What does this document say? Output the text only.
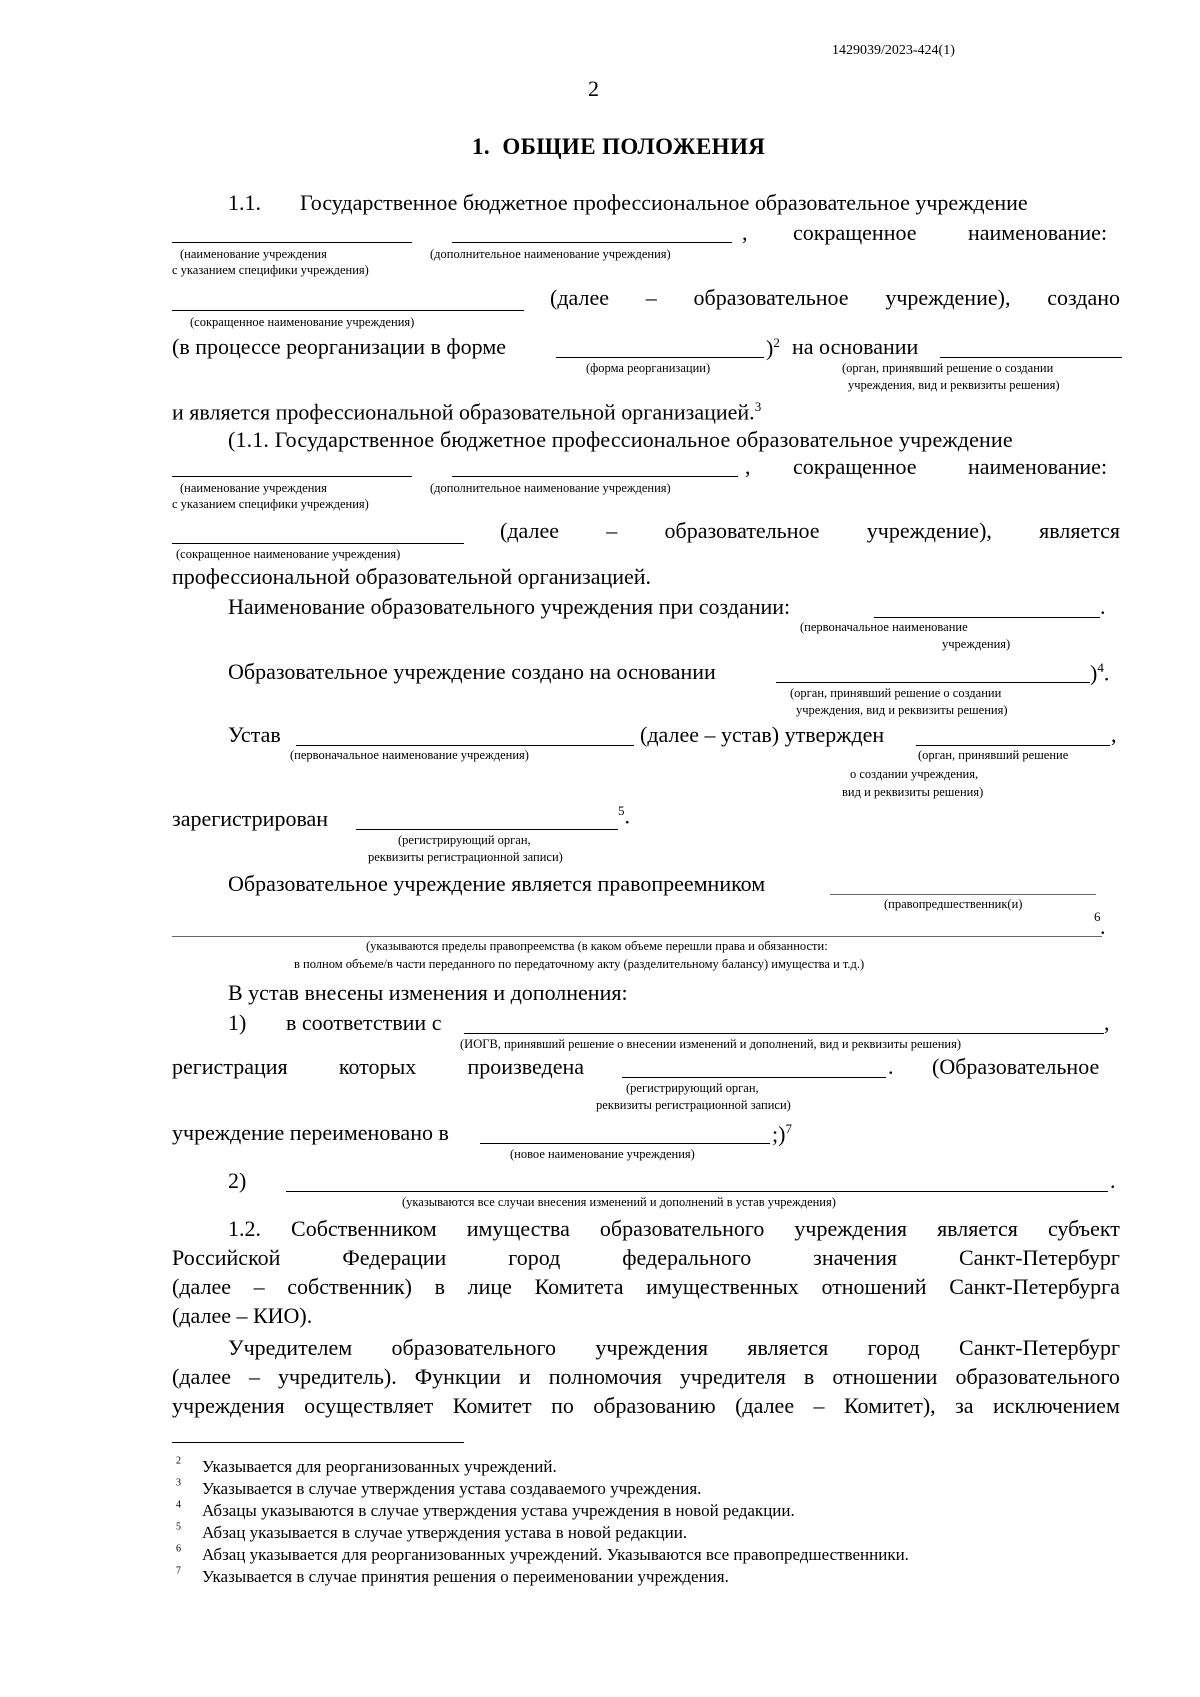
1429039/2023-424(1)
2
1. ОБЩИЕ ПОЛОЖЕНИЯ
1.1. Государственное бюджетное профессиональное образовательное учреждение
, сокращенное наименование:
(наименование учреждения	(дополнительное наименование учреждения)
с указанием специфики учреждения)
(далее – образовательное учреждение), создано
(сокращенное наименование учреждения)
(в процессе реорганизации в форме	)$^2$ на основании
(форма реорганизации)	(орган, принявший решение о создании
учреждения, вид и реквизиты решения)
и является профессиональной образовательной организацией.$^3$
(1.1. Государственное бюджетное профессиональное образовательное учреждение
, сокращенное наименование:
(наименование учреждения	(дополнительное наименование учреждения)
с указанием специфики учреждения)
(далее – образовательное учреждение), является
(сокращенное наименование учреждения)
профессиональной образовательной организацией.
Наименование образовательного учреждения при создании:	.
(первоначальное наименование
учреждения)
Образовательное учреждение создано на основании	)$^4$.
(орган, принявший решение о создании
учреждения, вид и реквизиты решения)
Устав	(далее – устав) утвержден	,
(первоначальное наименование учреждения)	(орган, принявший решение
о создании учреждения,
вид и реквизиты решения)
зарегистрирован	$^5$.
(регистрирующий орган,
реквизиты регистрационной записи)
Образовательное учреждение является правопреемником
(правопредшественник(и)
$^6$ .
(указываются пределы правопреемства (в каком объеме перешли права и обязанности:
в полном объеме/в части переданного по передаточному акту (разделительному балансу) имущества и т.д.)
В устав внесены изменения и дополнения:
1) в соответствии с	,
(ИОГВ, принявший решение о внесении изменений и дополнений, вид и реквизиты решения)
регистрация которых произведена	. (Образовательное
(регистрирующий орган,
реквизиты регистрационной записи)
учреждение переименовано в	;)$^7$
(новое наименование учреждения)
2)	.
(указываются все случаи внесения изменений и дополнений в устав учреждения)
1.2. Собственником имущества образовательного учреждения является субъект
Российской	Федерации	город	федерального	значения	Санкт-Петербург
(далее – собственник) в лице Комитета имущественных отношений Санкт-Петербурга
(далее – КИО).
Учредителем образовательного учреждения является город Санкт-Петербург
(далее – учредитель). Функции и полномочия учредителя в отношении образовательного
учреждения осуществляет Комитет по образованию (далее – Комитет), за исключением
$^2$ Указывается для реорганизованных учреждений.
$^3$ Указывается в случае утверждения устава создаваемого учреждения.
$^4$ Абзацы указываются в случае утверждения устава учреждения в новой редакции.
$^5$ Абзац указывается в случае утверждения устава в новой редакции.
$^6$ Абзац указывается для реорганизованных учреждений. Указываются все правопредшественники.
$^7$ Указывается в случае принятия решения о переименовании учреждения.
